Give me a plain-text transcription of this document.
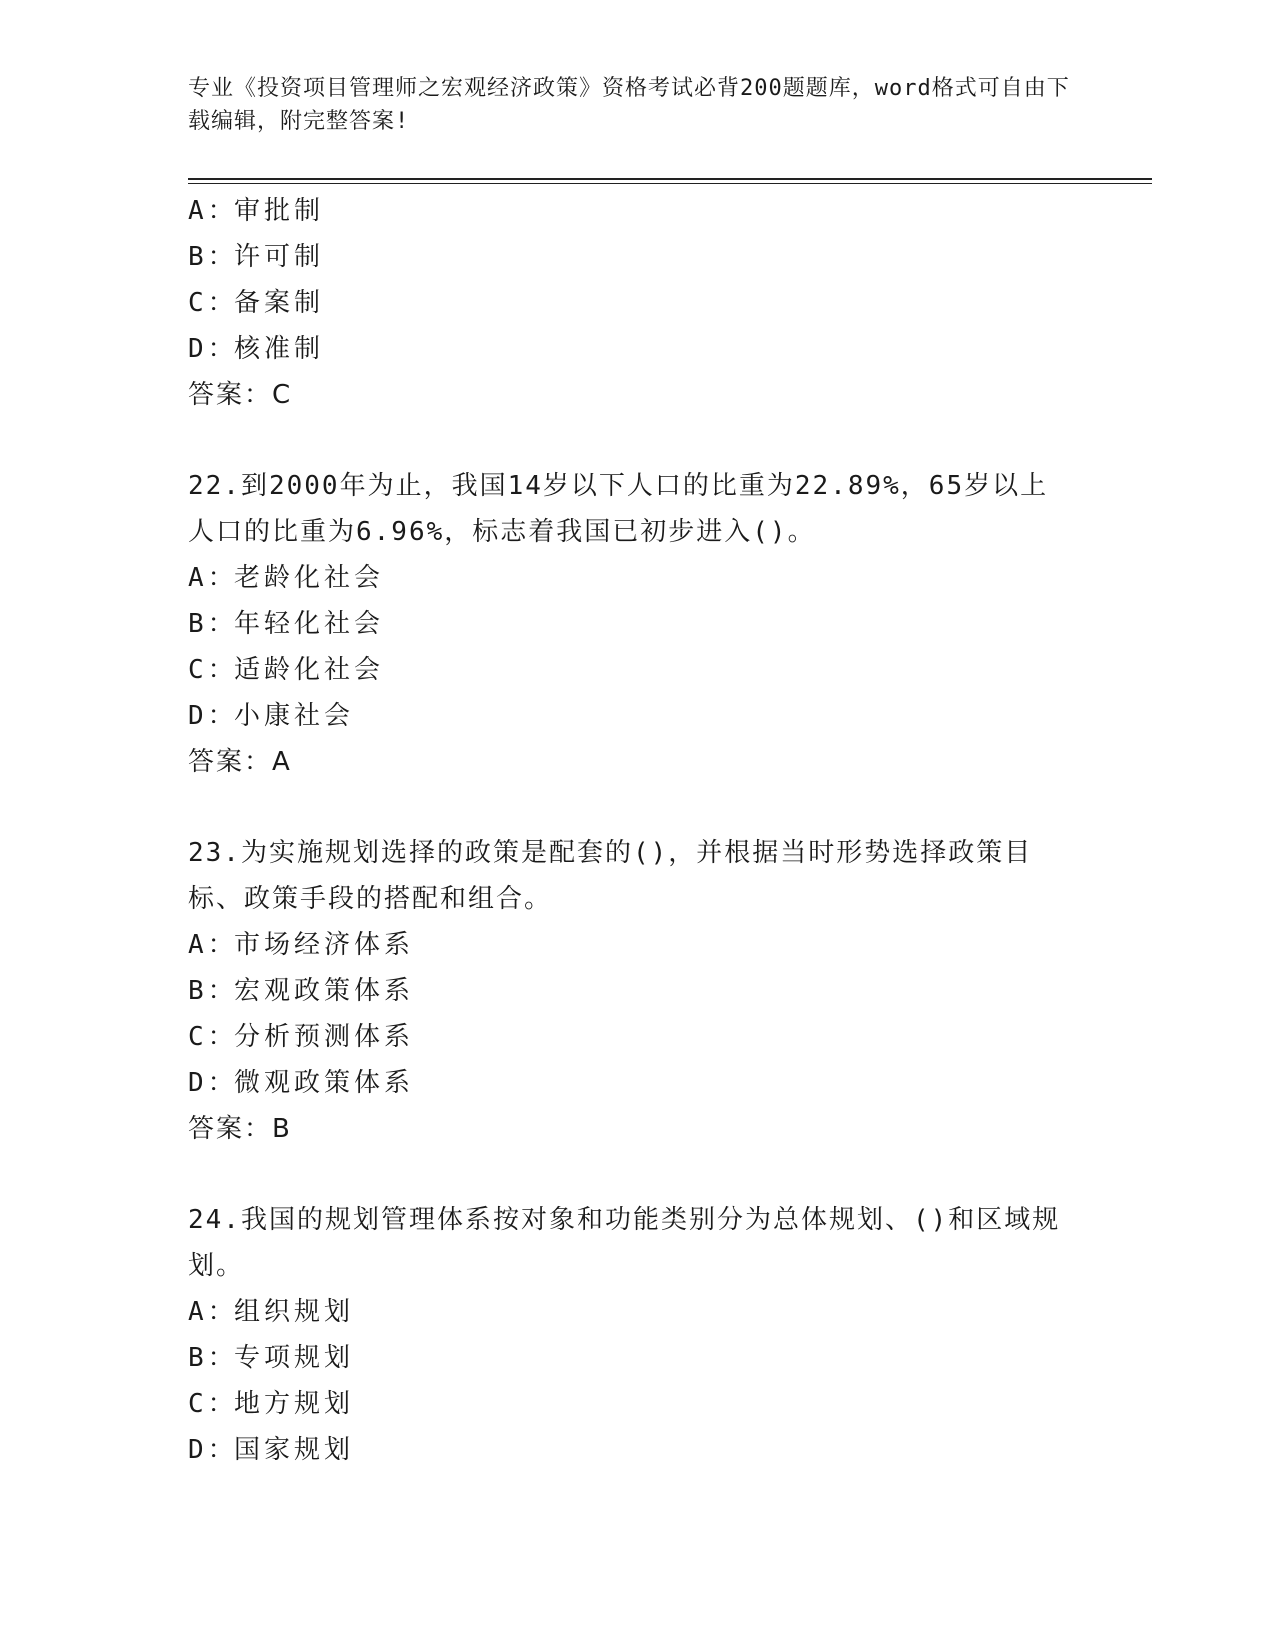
专业《投资项目管理师之宏观经济政策》资格考试必背200题题库，word格式可自由下载编辑，附完整答案!
A：审批制
B：许可制
C：备案制
D：核准制
答案：C
22.到2000年为止，我国14岁以下人口的比重为22.89%，65岁以上人口的比重为6.96%，标志着我国已初步进入()。
A：老龄化社会
B：年轻化社会
C：适龄化社会
D：小康社会
答案：A
23.为实施规划选择的政策是配套的()，并根据当时形势选择政策目标、政策手段的搭配和组合。
A：市场经济体系
B：宏观政策体系
C：分析预测体系
D：微观政策体系
答案：B
24.我国的规划管理体系按对象和功能类别分为总体规划、()和区域规划。
A：组织规划
B：专项规划
C：地方规划
D：国家规划
